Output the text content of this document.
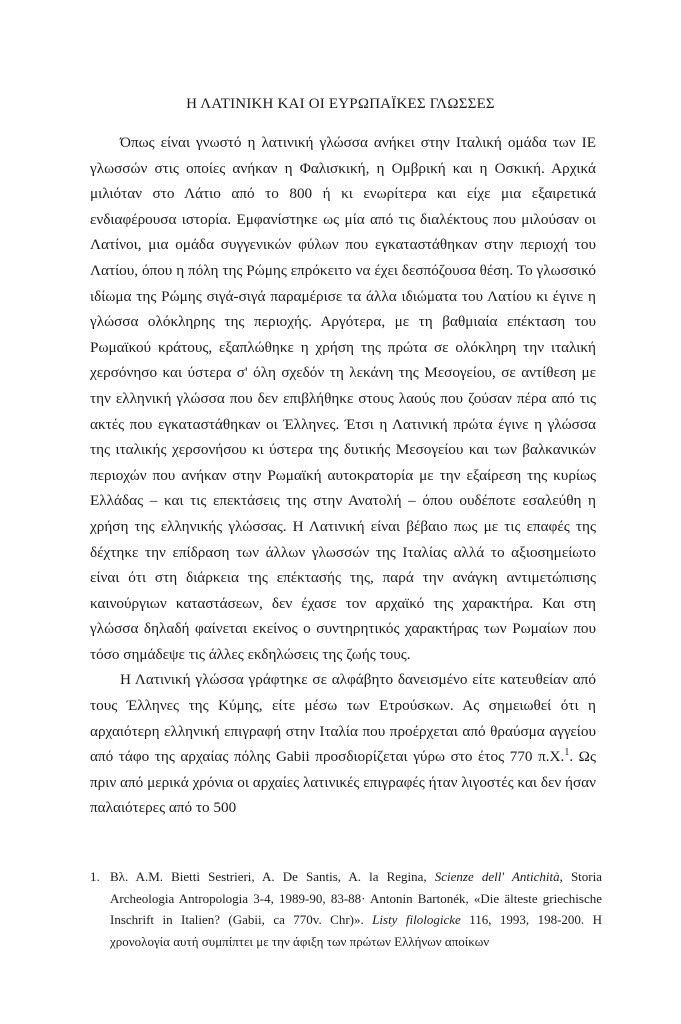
Η ΛΑΤΙΝΙΚΗ ΚΑΙ ΟΙ ΕΥΡΩΠΑΪΚΕΣ ΓΛΩΣΣΕΣ

Όπως είναι γνωστό η λατινική γλώσσα ανήκει στην Ιταλική ομάδα των ΙΕ γλωσσών στις οποίες ανήκαν η Φαλισκική, η Ομβρική και η Οσκική. Αρχικά μιλιόταν στο Λάτιο από το 800 ή κι ενωρίτερα και είχε μια εξαιρετικά ενδιαφέρουσα ιστορία. Εμφανίστηκε ως μία από τις διαλέκτους που μιλούσαν οι Λατίνοι, μια ομάδα συγγενικών φύλων που εγκαταστάθηκαν στην περιοχή του Λατίου, όπου η πόλη της Ρώμης επρόκειτο να έχει δεσπόζουσα θέση. Το γλωσσικό ιδίωμα της Ρώμης σιγά-σιγά παραμέρισε τα άλλα ιδιώματα του Λατίου κι έγινε η γλώσσα ολόκληρης της περιοχής. Αργότερα, με τη βαθμιαία επέκταση του Ρωμαϊκού κράτους, εξαπλώθηκε η χρήση της πρώτα σε ολόκληρη την ιταλική χερσόνησο και ύστερα σ' όλη σχεδόν τη λεκάνη της Μεσογείου, σε αντίθεση με την ελληνική γλώσσα που δεν επιβλήθηκε στους λαούς που ζούσαν πέρα από τις ακτές που εγκαταστάθηκαν οι Έλληνες. Έτσι η Λατινική πρώτα έγινε η γλώσσα της ιταλικής χερσονήσου κι ύστερα της δυτικής Μεσογείου και των βαλκανικών περιοχών που ανήκαν στην Ρωμαϊκή αυτοκρατορία με την εξαίρεση της κυρίως Ελλάδας – και τις επεκτάσεις της στην Ανατολή – όπου ουδέποτε εσαλεύθη η χρήση της ελληνικής γλώσσας. Η Λατινική είναι βέβαιο πως με τις επαφές της δέχτηκε την επίδραση των άλλων γλωσσών της Ιταλίας αλλά το αξιοσημείωτο είναι ότι στη διάρκεια της επέκτασής της, παρά την ανάγκη αντιμετώπισης καινούργιων καταστάσεων, δεν έχασε τον αρχαϊκό της χαρακτήρα. Και στη γλώσσα δηλαδή φαίνεται εκείνος ο συντηρητικός χαρακτήρας των Ρωμαίων που τόσο σημάδεψε τις άλλες εκδηλώσεις της ζωής τους.

Η Λατινική γλώσσα γράφτηκε σε αλφάβητο δανεισμένο είτε κατευθείαν από τους Έλληνες της Κύμης, είτε μέσω των Ετρούσκων. Ας σημειωθεί ότι η αρχαιότερη ελληνική επιγραφή στην Ιταλία που προέρχεται από θραύσμα αγγείου από τάφο της αρχαίας πόλης Gabii προσδιορίζεται γύρω στο έτος 770 π.Χ.$^1$. Ως πριν από μερικά χρόνια οι αρχαίες λατινικές επιγραφές ήταν λιγοστές και δεν ήσαν παλαιότερες από το 500

1. Βλ. Α.Μ. Bietti Sestrieri, A. De Santis, A. la Regina, Scienze dell' Antichità, Storia Archeologia Antropologia 3-4, 1989-90, 83-88· Antonin Bartonék, «Die älteste griechische Inschrift in Italien? (Gabii, ca 770v. Chr)». Listy filologicke 116, 1993, 198-200. Η χρονολογία αυτή συμπίπτει με την άφιξη των πρώτων Ελλήνων αποίκων
